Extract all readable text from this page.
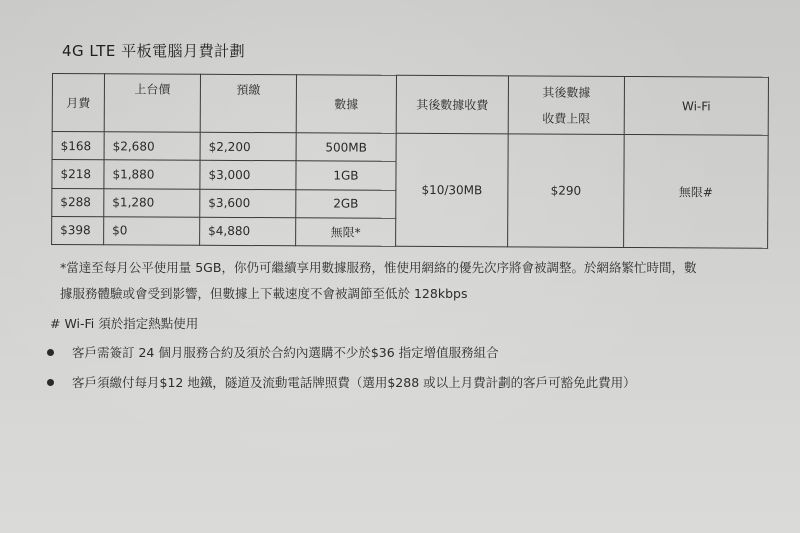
4G LTE 平板電腦月費計劃
月費	上台價	預繳	數據	其後數據收費	其後數據
收費上限	Wi-Fi
$168	$2,680	$2,200	500MB	$10/30MB	$290	無限#
$218	$1,880	$3,000	1GB			
$288	$1,280	$3,600	2GB			
$398	$0	$4,880	無限*			
*當達至每月公平使用量 5GB，你仍可繼續享用數據服務，惟使用網絡的優先次序將會被調整。於網絡繁忙時間，數
據服務體驗或會受到影響，但數據上下載速度不會被調節至低於 128kbps
# Wi-Fi 須於指定熱點使用
客戶需簽訂 24 個月服務合約及須於合約內選購不少於$36 指定增值服務組合
客戶須繳付每月$12 地鐵，隧道及流動電話牌照費（選用$288 或以上月費計劃的客戶可豁免此費用）
